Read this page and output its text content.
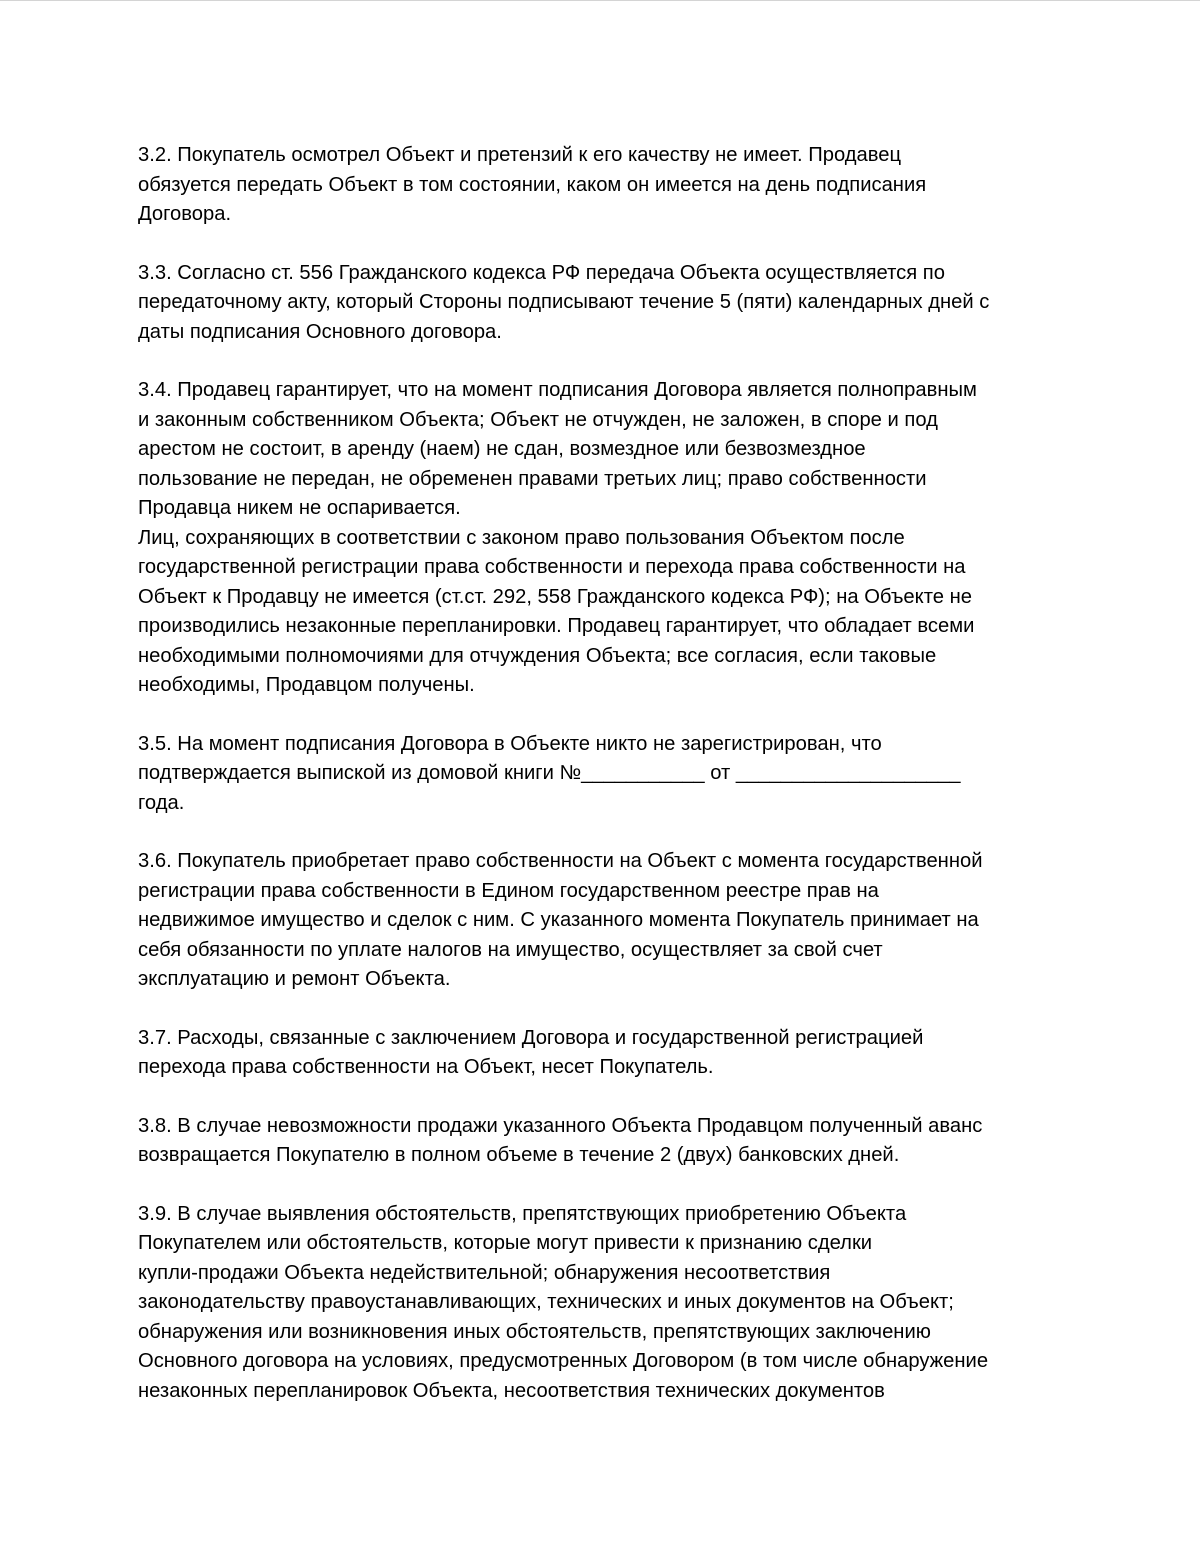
3.2. Покупатель осмотрел Объект и претензий к его качеству не имеет. Продавец
обязуется передать Объект в том состоянии, каком он имеется на день подписания
Договора.
3.3. Согласно ст. 556 Гражданского кодекса РФ передача Объекта осуществляется по
передаточному акту, который Стороны подписывают течение 5 (пяти) календарных дней с
даты подписания Основного договора.
3.4. Продавец гарантирует, что на момент подписания Договора является полноправным
и законным собственником Объекта; Объект не отчужден, не заложен, в споре и под
арестом не состоит, в аренду (наем) не сдан, возмездное или безвозмездное
пользование не передан, не обременен правами третьих лиц; право собственности
Продавца никем не оспаривается.
Лиц, сохраняющих в соответствии с законом право пользования Объектом после
государственной регистрации права собственности и перехода права собственности на
Объект к Продавцу не имеется (ст.ст. 292, 558 Гражданского кодекса РФ); на Объекте не
производились незаконные перепланировки. Продавец гарантирует, что обладает всеми
необходимыми полномочиями для отчуждения Объекта; все согласия, если таковые
необходимы, Продавцом получены.
3.5. На момент подписания Договора в Объекте никто не зарегистрирован, что
подтверждается выпиской из домовой книги №___________ от ____________________
года.
3.6. Покупатель приобретает право собственности на Объект с момента государственной
регистрации права собственности в Едином государственном реестре прав на
недвижимое имущество и сделок с ним. С указанного момента Покупатель принимает на
себя обязанности по уплате налогов на имущество, осуществляет за свой счет
эксплуатацию и ремонт Объекта.
3.7. Расходы, связанные с заключением Договора и государственной регистрацией
перехода права собственности на Объект, несет Покупатель.
3.8. В случае невозможности продажи указанного Объекта Продавцом полученный аванс
возвращается Покупателю в полном объеме в течение 2 (двух) банковских дней.
3.9. В случае выявления обстоятельств, препятствующих приобретению Объекта
Покупателем или обстоятельств, которые могут привести к признанию сделки
купли-продажи Объекта недействительной; обнаружения несоответствия
законодательству правоустанавливающих, технических и иных документов на Объект;
обнаружения или возникновения иных обстоятельств, препятствующих заключению
Основного договора на условиях, предусмотренных Договором (в том числе обнаружение
незаконных перепланировок Объекта, несоответствия технических документов
